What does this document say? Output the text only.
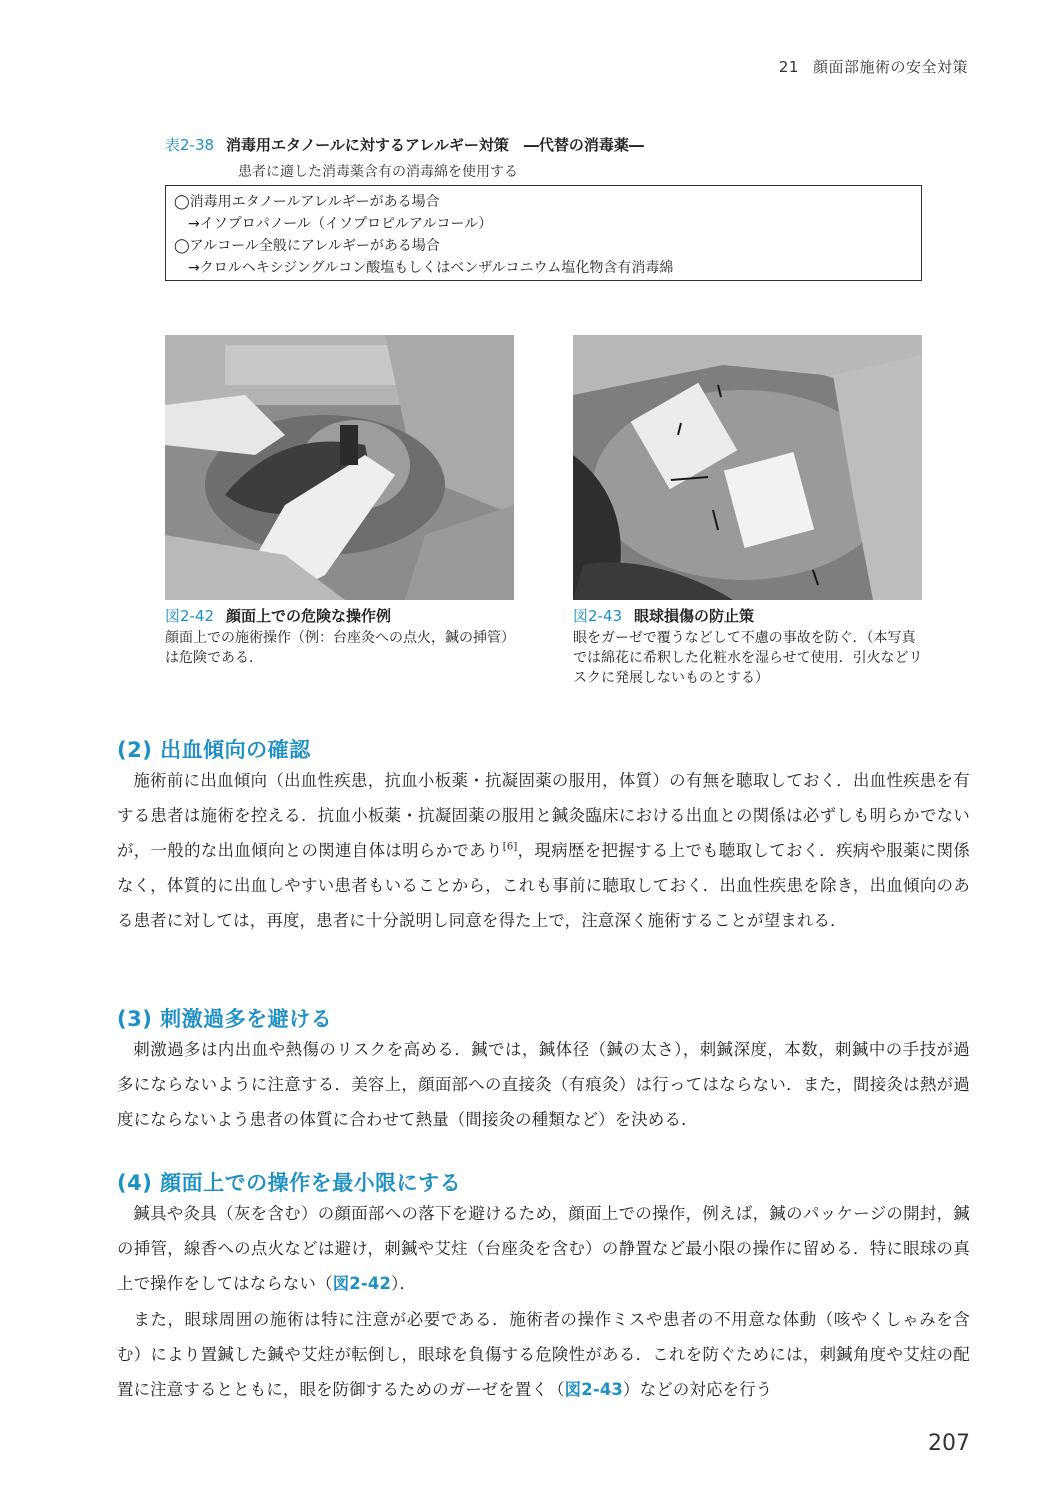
21 顔面部施術の安全対策
表2-38 消毒用エタノールに対するアレルギー対策　―代替の消毒薬―
患者に適した消毒薬含有の消毒綿を使用する
◯消毒用エタノールアレルギーがある場合
→イソプロパノール（イソプロピルアルコール）
◯アルコール全般にアレルギーがある場合
→クロルヘキシジングルコン酸塩もしくはベンザルコニウム塩化物含有消毒綿
図2-42 顔面上での危険な操作例
顔面上での施術操作（例：台座灸への点火，鍼の挿管）は危険である．
図2-43 眼球損傷の防止策
眼をガーゼで覆うなどして不慮の事故を防ぐ．（本写真では綿花に希釈した化粧水を湿らせて使用．引火などリスクに発展しないものとする）
(2) 出血傾向の確認

施術前に出血傾向（出血性疾患，抗血小板薬・抗凝固薬の服用，体質）の有無を聴取しておく．出血性疾患を有する患者は施術を控える．抗血小板薬・抗凝固薬の服用と鍼灸臨床における出血との関係は必ずしも明らかでないが，一般的な出血傾向との関連自体は明らかであり[6]，現病歴を把握する上でも聴取しておく．疾病や服薬に関係なく，体質的に出血しやすい患者もいることから，これも事前に聴取しておく．出血性疾患を除き，出血傾向のある患者に対しては，再度，患者に十分説明し同意を得た上で，注意深く施術することが望まれる．

(3) 刺激過多を避ける

刺激過多は内出血や熱傷のリスクを高める．鍼では，鍼体径（鍼の太さ），刺鍼深度，本数，刺鍼中の手技が過多にならないように注意する．美容上，顔面部への直接灸（有痕灸）は行ってはならない．また，間接灸は熱が過度にならないよう患者の体質に合わせて熱量（間接灸の種類など）を決める．

(4) 顔面上での操作を最小限にする

鍼具や灸具（灰を含む）の顔面部への落下を避けるため，顔面上での操作，例えば，鍼のパッケージの開封，鍼の挿管，線香への点火などは避け，刺鍼や艾炷（台座灸を含む）の静置など最小限の操作に留める．特に眼球の真上で操作をしてはならない（図2-42）．

また，眼球周囲の施術は特に注意が必要である．施術者の操作ミスや患者の不用意な体動（咳やくしゃみを含む）により置鍼した鍼や艾炷が転倒し，眼球を負傷する危険性がある．これを防ぐためには，刺鍼角度や艾炷の配置に注意するとともに，眼を防御するためのガーゼを置く（図2-43）などの対応を行う

207
